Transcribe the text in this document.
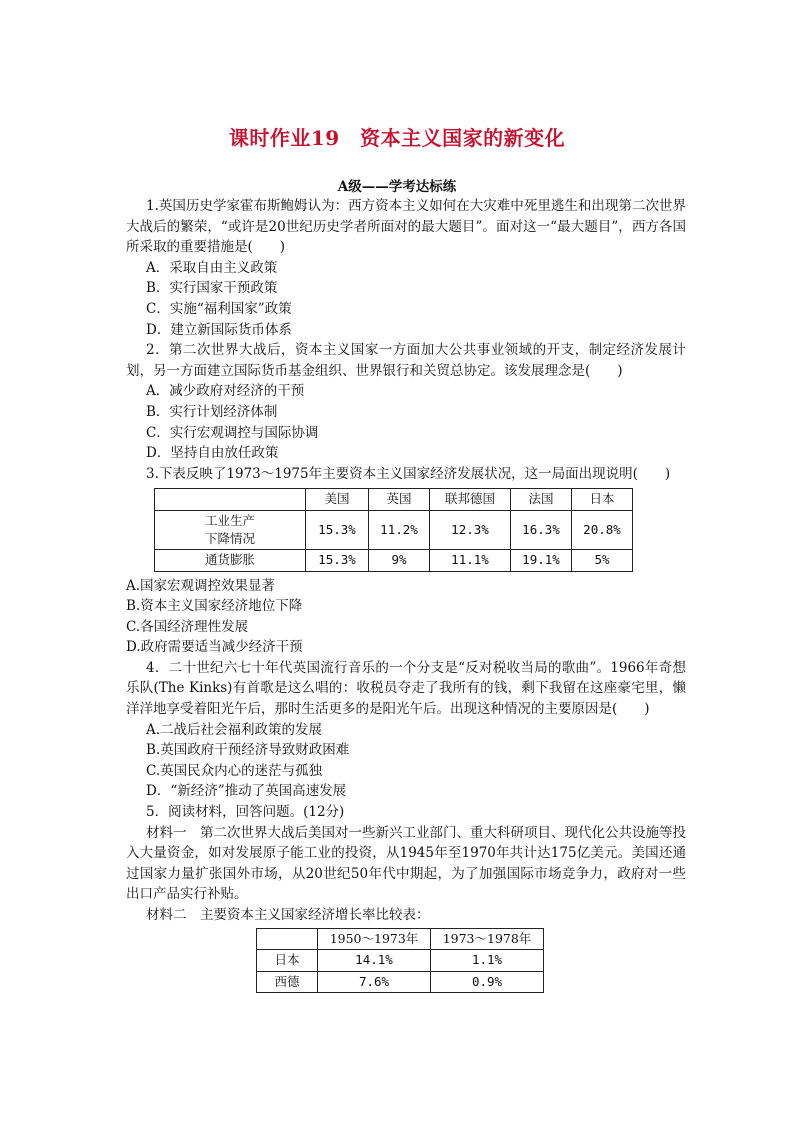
课时作业19　资本主义国家的新变化
A级——学考达标练

1.英国历史学家霍布斯鲍姆认为：西方资本主义如何在大灾难中死里逃生和出现第二次世界大战后的繁荣，“或许是20世纪历史学者所面对的最大题目”。面对这一“最大题目”，西方各国所采取的重要措施是(　　)

A．采取自由主义政策

B．实行国家干预政策

C．实施“福利国家”政策

D．建立新国际货币体系

2．第二次世界大战后，资本主义国家一方面加大公共事业领域的开支，制定经济发展计划，另一方面建立国际货币基金组织、世界银行和关贸总协定。该发展理念是(　　)

A．减少政府对经济的干预

B．实行计划经济体制

C．实行宏观调控与国际协调

D．坚持自由放任政策

3.下表反映了1973～1975年主要资本主义国家经济发展状况，这一局面出现说明(　　)

	美国	英国	联邦德国	法国	日本

工业生产
下降情况	15.3%	11.2%	12.3%	16.3%	20.8%
通货膨胀	15.3%	9%	11.1%	19.1%	5%

A.国家宏观调控效果显著

B.资本主义国家经济地位下降

C.各国经济理性发展

D.政府需要适当减少经济干预

4．二十世纪六七十年代英国流行音乐的一个分支是“反对税收当局的歌曲”。1966年奇想乐队(The Kinks)有首歌是这么唱的：收税员夺走了我所有的钱，剩下我留在这座豪宅里，懒洋洋地享受着阳光午后，那时生活更多的是阳光午后。出现这种情况的主要原因是(　　)

A.二战后社会福利政策的发展

B.英国政府干预经济导致财政困难

C.英国民众内心的迷茫与孤独

D．“新经济”推动了英国高速发展

5．阅读材料，回答问题。(12分)

材料一　第二次世界大战后美国对一些新兴工业部门、重大科研项目、现代化公共设施等投入大量资金，如对发展原子能工业的投资，从1945年至1970年共计达175亿美元。美国还通过国家力量扩张国外市场，从20世纪50年代中期起，为了加强国际市场竞争力，政府对一些出口产品实行补贴。

材料二　主要资本主义国家经济增长率比较表：

	1950～1973年	1973～1978年
日本	14.1%	1.1%
西德	7.6%	0.9%
